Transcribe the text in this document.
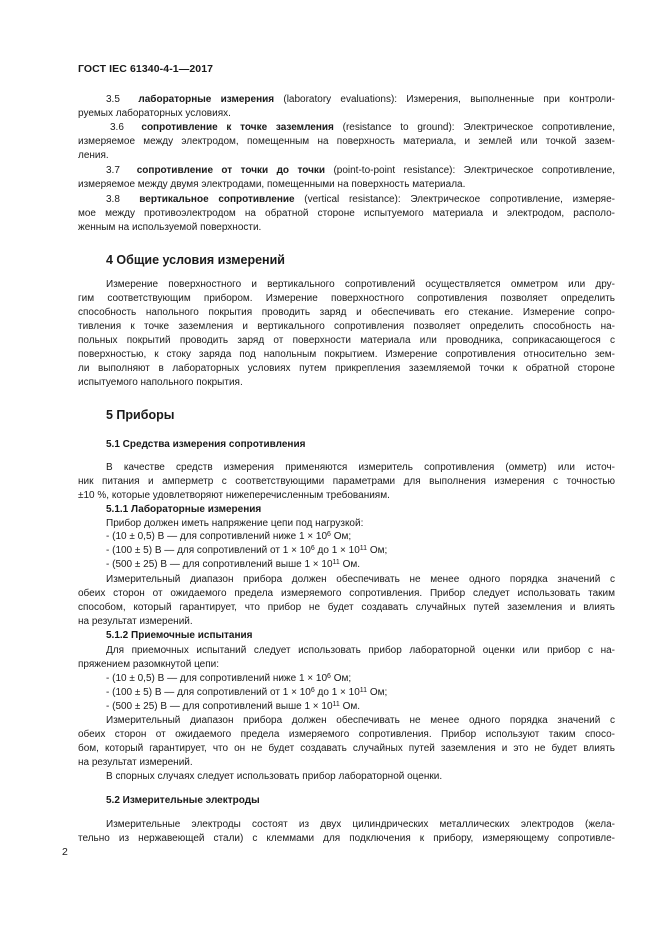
ГОСТ IEC 61340-4-1—2017
3.5 лабораторные измерения (laboratory evaluations): Измерения, выполненные при контроли-
руемых лабораторных условиях.
3.6 сопротивление к точке заземления (resistance to ground): Электрическое сопротивление,
измеряемое между электродом, помещенным на поверхность материала, и землей или точкой зазем-
ления.
3.7 сопротивление от точки до точки (point-to-point resistance): Электрическое сопротивление,
измеряемое между двумя электродами, помещенными на поверхность материала.
3.8 вертикальное сопротивление (vertical resistance): Электрическое сопротивление, измеряе-
мое между противоэлектродом на обратной стороне испытуемого материала и электродом, располо-
женным на используемой поверхности.
4 Общие условия измерений
Измерение поверхностного и вертикального сопротивлений осуществляется омметром или дру-
гим соответствующим прибором. Измерение поверхностного сопротивления позволяет определить
способность напольного покрытия проводить заряд и обеспечивать его стекание. Измерение сопро-
тивления к точке заземления и вертикального сопротивления позволяет определить способность на-
польных покрытий проводить заряд от поверхности материала или проводника, соприкасающегося с
поверхностью, к стоку заряда под напольным покрытием. Измерение сопротивления относительно зем-
ли выполняют в лабораторных условиях путем прикрепления заземляемой точки к обратной стороне
испытуемого напольного покрытия.
5 Приборы
5.1 Средства измерения сопротивления
В качестве средств измерения применяются измеритель сопротивления (омметр) или источ-
ник питания и амперметр с соответствующими параметрами для выполнения измерения с точностью
±10 %, которые удовлетворяют нижеперечисленным требованиям.
5.1.1 Лабораторные измерения
Прибор должен иметь напряжение цепи под нагрузкой:
- (10 ± 0,5) В — для сопротивлений ниже $1 \times 10^6$ Ом;
- (100 ± 5) В — для сопротивлений от $1 \times 10^6$ до $1 \times 10^{11}$ Ом;
- (500 ± 25) В — для сопротивлений выше $1 \times 10^{11}$ Ом.
Измерительный диапазон прибора должен обеспечивать не менее одного порядка значений с
обеих сторон от ожидаемого предела измеряемого сопротивления. Прибор следует использовать таким
способом, который гарантирует, что прибор не будет создавать случайных путей заземления и влиять
на результат измерений.
5.1.2 Приемочные испытания
Для приемочных испытаний следует использовать прибор лабораторной оценки или прибор с на-
пряжением разомкнутой цепи:
- (10 ± 0,5) В — для сопротивлений ниже $1 \times 10^6$ Ом;
- (100 ± 5) В — для сопротивлений от $1 \times 10^6$ до $1 \times 10^{11}$ Ом;
- (500 ± 25) В — для сопротивлений выше $1 \times 10^{11}$ Ом.
Измерительный диапазон прибора должен обеспечивать не менее одного порядка значений с
обеих сторон от ожидаемого предела измеряемого сопротивления. Прибор используют таким спосо-
бом, который гарантирует, что он не будет создавать случайных путей заземления и это не будет влиять
на результат измерений.
В спорных случаях следует использовать прибор лабораторной оценки.
5.2 Измерительные электроды
Измерительные электроды состоят из двух цилиндрических металлических электродов (жела-
тельно из нержавеющей стали) с клеммами для подключения к прибору, измеряющему сопротивле-
2
